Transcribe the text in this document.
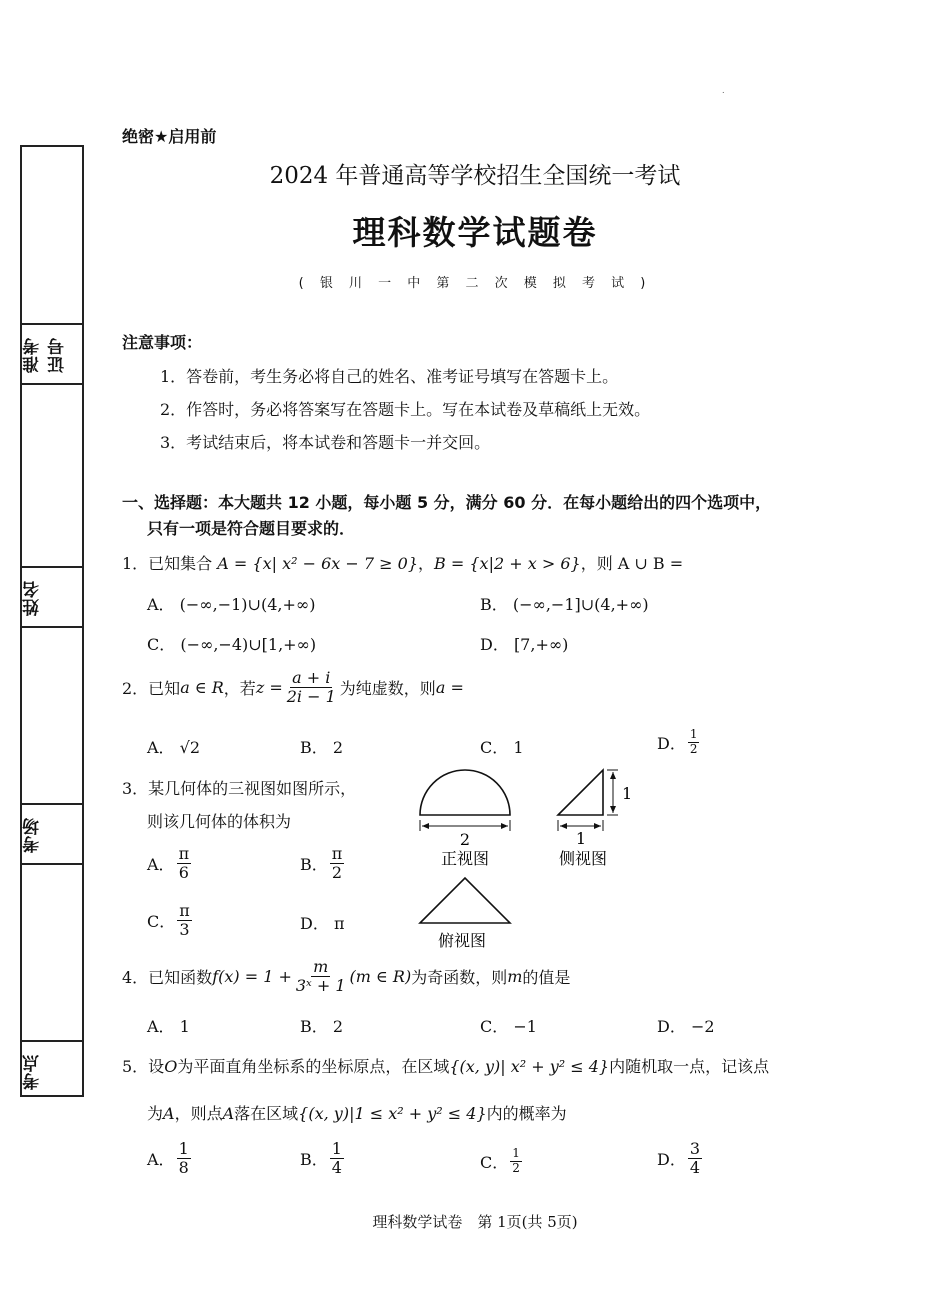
准考证号
姓名
考场
考点
.
绝密★启用前
2024 年普通高等学校招生全国统一考试
理科数学试题卷
( 银 川 一 中 第 二 次 模 拟 考 试 )
注意事项：
1．答卷前，考生务必将自己的姓名、准考证号填写在答题卡上。
2．作答时，务必将答案写在答题卡上。写在本试卷及草稿纸上无效。
3．考试结束后，将本试卷和答题卡一并交回。
一、选择题：本大题共 12 小题，每小题 5 分，满分 60 分．在每小题给出的四个选项中，
只有一项是符合题目要求的．
1．已知集合 A = {x| x² − 6x − 7 ≥ 0}，B = {x|2 + x > 6}，则 A ∪ B =
A． (−∞,−1)∪(4,+∞)	B． (−∞,−1]∪(4,+∞)
C． (−∞,−4)∪[1,+∞)	D． [7,+∞)
2．已知 a ∈ R ，若 $z = \frac{a + i}{2i - 1}$ 为纯虚数，则 a =
A． √2	B． 2	C． 1	D． $\frac{1}{2}$
3．某几何体的三视图如图所示，
则该几何体的体积为
A． $\frac{\pi}{6}$	B． $\frac{\pi}{2}$
C． $\frac{\pi}{3}$	D． π
2
正视图
1
1
侧视图
俯视图
4．已知函数 $f(x) = 1 + \frac{m}{\text{3ˣ + 1}} (m$ ∈ R) 为奇函数，则 m 的值是
A． 1	B． 2	C． −1	D． −2
5．设O为平面直角坐标系的坐标原点，在区域{(x, y)| x² + y² ≤ 4}内随机取一点，记该点
为A，则点A落在区域{(x, y)|1 ≤ x² + y² ≤ 4}内的概率为
A． $\frac{1}{8}$	B． $\frac{1}{4}$	C． $\frac{1}{2}$	D． $\frac{3}{4}$
理科数学试卷　第 1页(共 5页)
